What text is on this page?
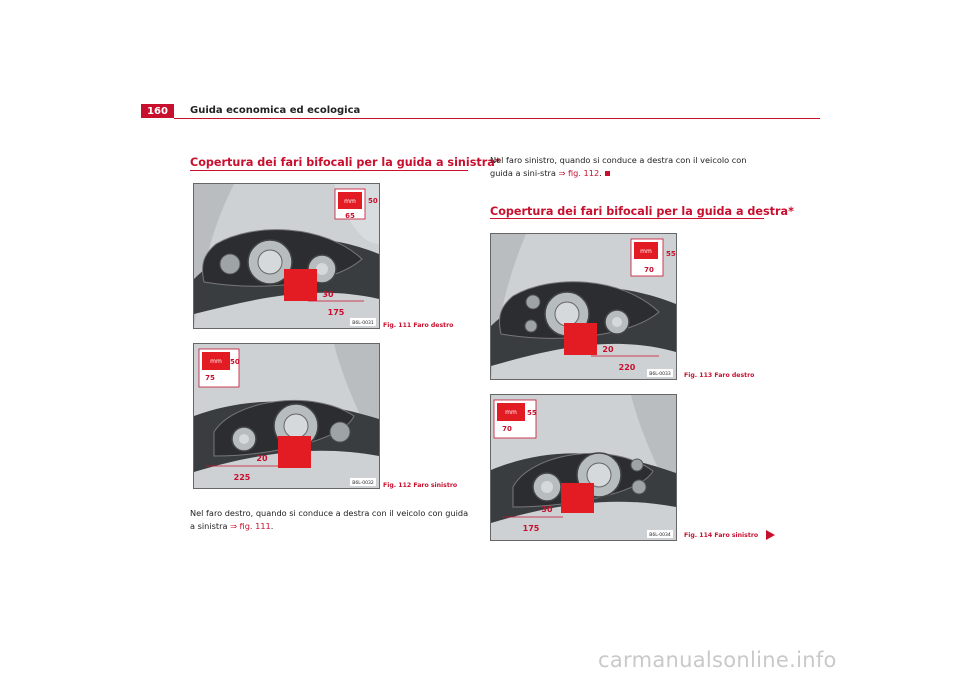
160	Guida economica ed ecologica
Copertura dei fari bifocali per la guida a sinistra*
mm 50
65
30
175
B6L-0031 Fig. 111 Faro destro
mm 50
75
20
225
B6L-0032 Fig. 112 Faro sinistro
Nel faro destro, quando si conduce a destra con il veicolo con guida a sinistra ⇒ fig. 111.
Nel faro sinistro, quando si conduce a destra con il veicolo con guida a sini-stra ⇒ fig. 112.
Copertura dei fari bifocali per la guida a destra*
mm 55
70
20
220
B6L-0033 Fig. 113 Faro destro
mm 55
70
30
175
B6L-0034 Fig. 114 Faro sinistro
carmanualsonline.info
